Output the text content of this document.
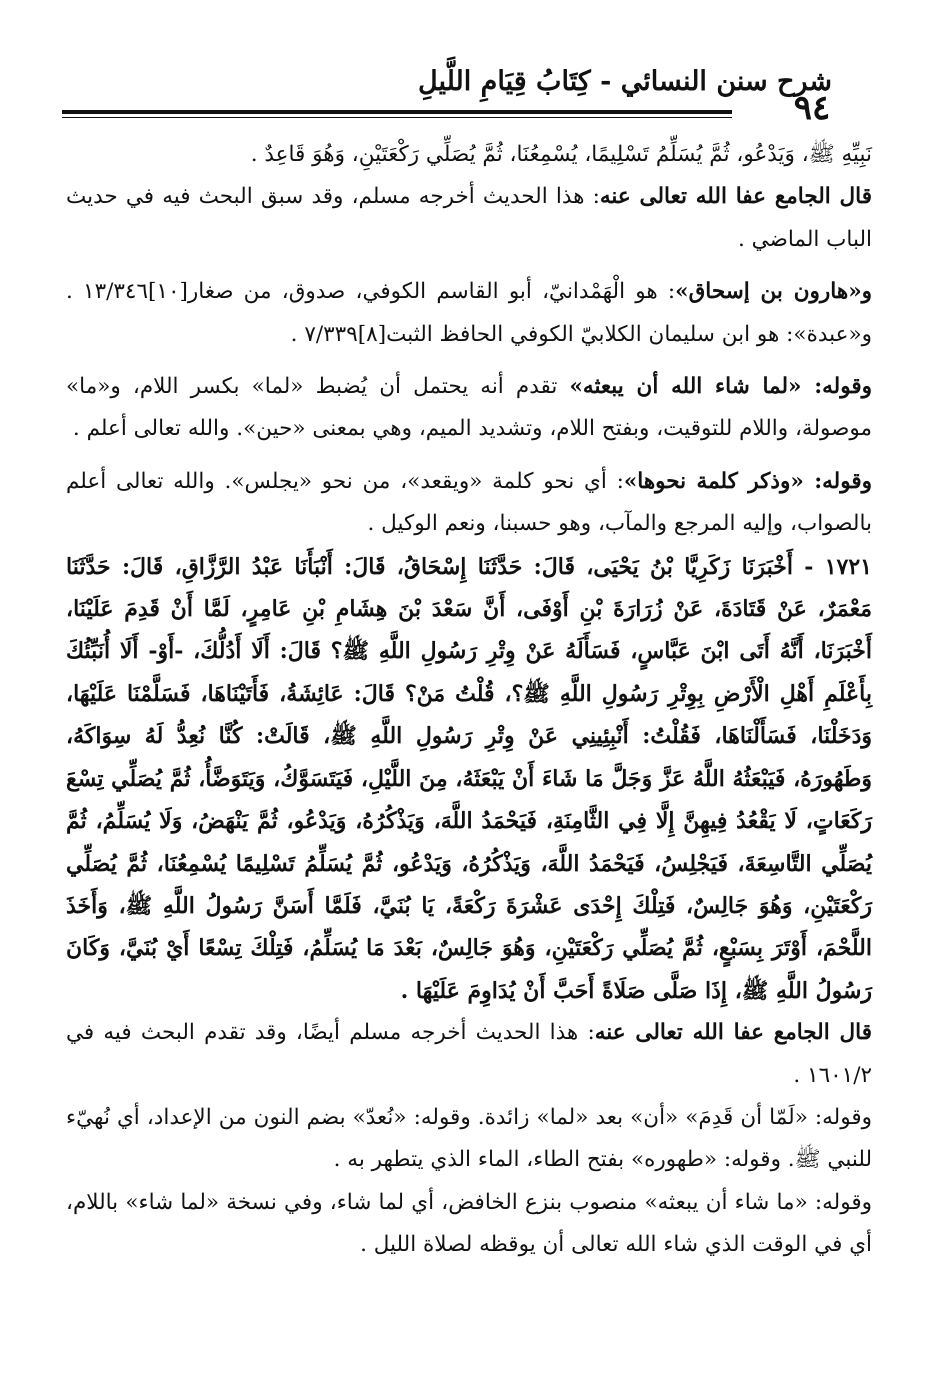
شرح سنن النسائي - كِتَابُ قِيَامِ اللَّيلِ
٩٤

نَبِيِّهِ ﷺ، وَيَدْعُو، ثُمَّ يُسَلِّمُ تَسْلِيمًا، يُسْمِعُنَا، ثُمَّ يُصَلِّي رَكْعَتَيْنِ، وَهُوَ قَاعِدٌ .

قال الجامع عفا الله تعالى عنه: هذا الحديث أخرجه مسلم، وقد سبق البحث فيه في حديث الباب الماضي .

و«هارون بن إسحاق»: هو الْهَمْدانيّ، أبو القاسم الكوفي، صدوق، من صغار[١٠]١٣/٣٤٦ . و«عبدة»: هو ابن سليمان الكلابيّ الكوفي الحافظ الثبت[٨]٧/٣٣٩ .

وقوله: «لما شاء الله أن يبعثه» تقدم أنه يحتمل أن يُضبط «لما» بكسر اللام، و«ما» موصولة، واللام للتوقيت، وبفتح اللام، وتشديد الميم، وهي بمعنى «حين». والله تعالى أعلم .

وقوله: «وذكر كلمة نحوها»: أي نحو كلمة «ويقعد»، من نحو «يجلس». والله تعالى أعلم بالصواب، وإليه المرجع والمآب، وهو حسبنا، ونعم الوكيل .

١٧٢١ - أَخْبَرَنَا زَكَرِيَّا بْنُ يَحْيَى، قَالَ: حَدَّثَنَا إِسْحَاقُ، قَالَ: أَنْبَأَنَا عَبْدُ الرَّزَّاقِ، قَالَ: حَدَّثَنَا مَعْمَرٌ، عَنْ قَتَادَةَ، عَنْ زُرَارَةَ بْنِ أَوْفَى، أَنَّ سَعْدَ بْنَ هِشَامِ بْنِ عَامِرٍ، لَمَّا أَنْ قَدِمَ عَلَيْنَا، أَخْبَرَنَا، أَنَّهُ أَتَى ابْنَ عَبَّاسٍ، فَسَأَلَهُ عَنْ وِتْرِ رَسُولِ اللَّهِ ﷺ؟ قَالَ: أَلَا أَدُلُّكَ، -أَوْ- أَلَا أُنَبِّئُكَ بِأَعْلَمِ أَهْلِ الْأَرْضِ بِوِتْرِ رَسُولِ اللَّهِ ﷺ؟، قُلْتُ مَنْ؟ قَالَ: عَائِشَةُ، فَأَتَيْنَاهَا، فَسَلَّمْنَا عَلَيْهَا، وَدَخَلْنَا، فَسَأَلْنَاهَا، فَقُلْتُ: أَنْبِئِينِي عَنْ وِتْرِ رَسُولِ اللَّهِ ﷺ، قَالَتْ: كُنَّا نُعِدُّ لَهُ سِوَاكَهُ، وَطَهُورَهُ، فَيَبْعَثُهُ اللَّهُ عَزَّ وَجَلَّ مَا شَاءَ أَنْ يَبْعَثَهُ، مِنَ اللَّيْلِ، فَيَتَسَوَّكُ، وَيَتَوَضَّأُ، ثُمَّ يُصَلِّي تِسْعَ رَكَعَاتٍ، لَا يَقْعُدُ فِيهِنَّ إِلَّا فِي الثَّامِنَةِ، فَيَحْمَدُ اللَّهَ، وَيَذْكُرُهُ، وَيَدْعُو، ثُمَّ يَنْهَضُ، وَلَا يُسَلِّمُ، ثُمَّ يُصَلِّي التَّاسِعَةَ، فَيَجْلِسُ، فَيَحْمَدُ اللَّهَ، وَيَذْكُرُهُ، وَيَدْعُو، ثُمَّ يُسَلِّمُ تَسْلِيمًا يُسْمِعُنَا، ثُمَّ يُصَلِّي رَكْعَتَيْنِ، وَهُوَ جَالِسٌ، فَتِلْكَ إِحْدَى عَشْرَةَ رَكْعَةً، يَا بُنَيَّ، فَلَمَّا أَسَنَّ رَسُولُ اللَّهِ ﷺ، وَأَخَذَ اللَّحْمَ، أَوْتَرَ بِسَبْعٍ، ثُمَّ يُصَلِّي رَكْعَتَيْنِ، وَهُوَ جَالِسٌ، بَعْدَ مَا يُسَلِّمُ، فَتِلْكَ تِسْعًا أَيْ بُنَيَّ، وَكَانَ رَسُولُ اللَّهِ ﷺ، إِذَا صَلَّى صَلَاةً أَحَبَّ أَنْ يُدَاوِمَ عَلَيْهَا .

قال الجامع عفا الله تعالى عنه: هذا الحديث أخرجه مسلم أيضًا، وقد تقدم البحث فيه في ١٦٠١/٢ .

وقوله: «لَمّا أن قَدِمَ» «أن» بعد «لما» زائدة. وقوله: «نُعدّ» بضم النون من الإعداد، أي نُهيّء للنبي ﷺ. وقوله: «طهوره» بفتح الطاء، الماء الذي يتطهر به .

وقوله: «ما شاء أن يبعثه» منصوب بنزع الخافض، أي لما شاء، وفي نسخة «لما شاء» باللام، أي في الوقت الذي شاء الله تعالى أن يوقظه لصلاة الليل .
